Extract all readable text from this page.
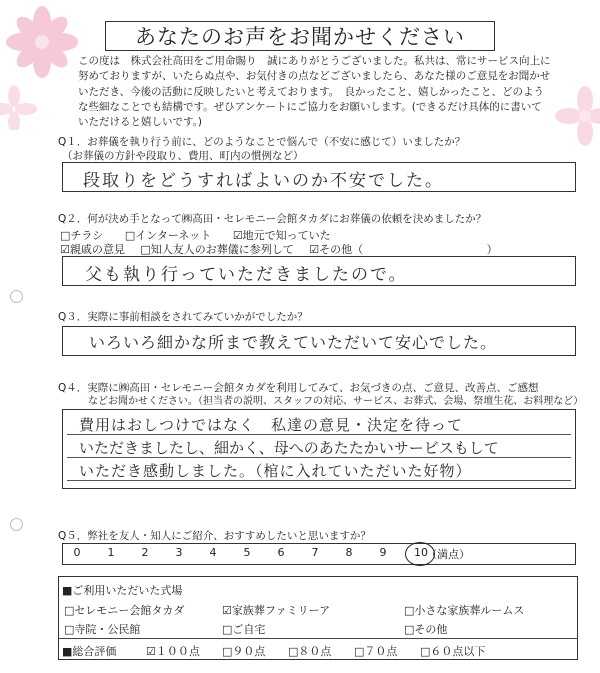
あなたのお声をお聞かせください
この度は　株式会社高田をご用命賜り　誠にありがとうございました。私共は、常にサービス向上に
努めておりますが、いたらぬ点や、お気付きの点などございましたら、あなた様のご意見をお聞かせ
いただき、今後の活動に反映したいと考えております。　良かったこと、嬉しかったこと、どのよう
な些細なことでも結構です。ぜひアンケートにご協力をお願いします。(できるだけ具体的に書いて
いただけると嬉しいです。)
Q１．お葬儀を執り行う前に、どのようなことで悩んで（不安に感じて）いましたか？
（お葬儀の方針や段取り、費用、町内の慣例など）
段取りをどうすればよいのか不安でした。
Q２．何が決め手となって㈱高田・セレモニー会館タカダにお葬儀の依頼を決めましたか？
□チラシ □インターネット ☑地元で知っていた
☑親戚の意見 □知人友人のお葬儀に参列して ☑その他（	）
父も執り行っていただきましたので。
Q３．実際に事前相談をされてみていかがでしたか？
いろいろ細かな所まで教えていただいて安心でした。
Q４．実際に㈱高田・セレモニー会館タカダを利用してみて、お気づきの点、ご意見、改善点、ご感想
などお聞かせください。（担当者の説明、スタッフの対応、サービス、お葬式、会場、祭壇生花、お料理など）
費用はおしつけではなく　私達の意見・決定を待って
いただきましたし、細かく、母へのあたたかいサービスもして
いただき感動しました。（棺に入れていただいた好物）
Q５．弊社を友人・知人にご紹介、おすすめしたいと思いますか？
0	1	2	3	4	5	6	7	8	9	10
（満点）
■ご利用いただいた式場
□セレモニー会館タカダ	☑家族葬ファミリーア	□小さな家族葬ルームス
□寺院・公民館	□ご自宅	□その他
■総合評価	☑１００点 □９０点 □８０点 □７０点 □６０点以下
